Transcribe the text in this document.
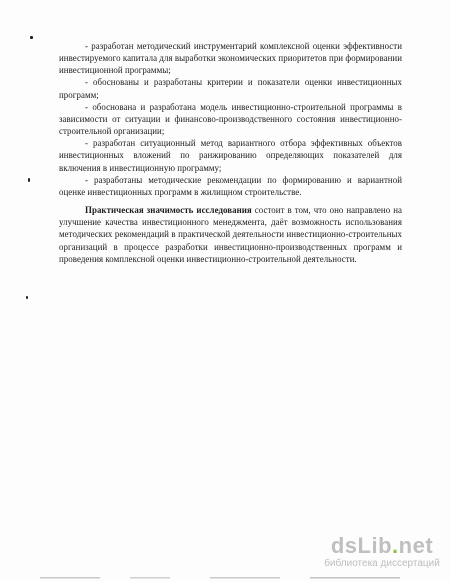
- разработан методический инструментарий комплексной оценки эффективности инвестируемого капитала для выработки экономических приоритетов при формировании инвестиционной программы;

- обоснованы и разработаны критерии и показатели оценки инвестиционных программ;

- обоснована и разработана модель инвестиционно-строительной программы в зависимости от ситуации и финансово-производственного состояния инвестиционно-строительной организации;

- разработан ситуационный метод вариантного отбора эффективных объектов инвестиционных вложений по ранжированию определяющих показателей для включения в инвестиционную программу;

- разработаны методические рекомендации по формированию и вариантной оценке инвестиционных программ в жилищном строительстве.

Практическая значимость исследования состоит в том, что оно направлено на улучшение качества инвестиционного менеджмента, даёт возможность использования методических рекомендаций в практической деятельности инвестиционно-строительных организаций в процессе разработки инвестиционно-производственных программ и проведения комплексной оценки инвестиционно-строительной деятельности.

dsLib.net
библиотека диссертаций
